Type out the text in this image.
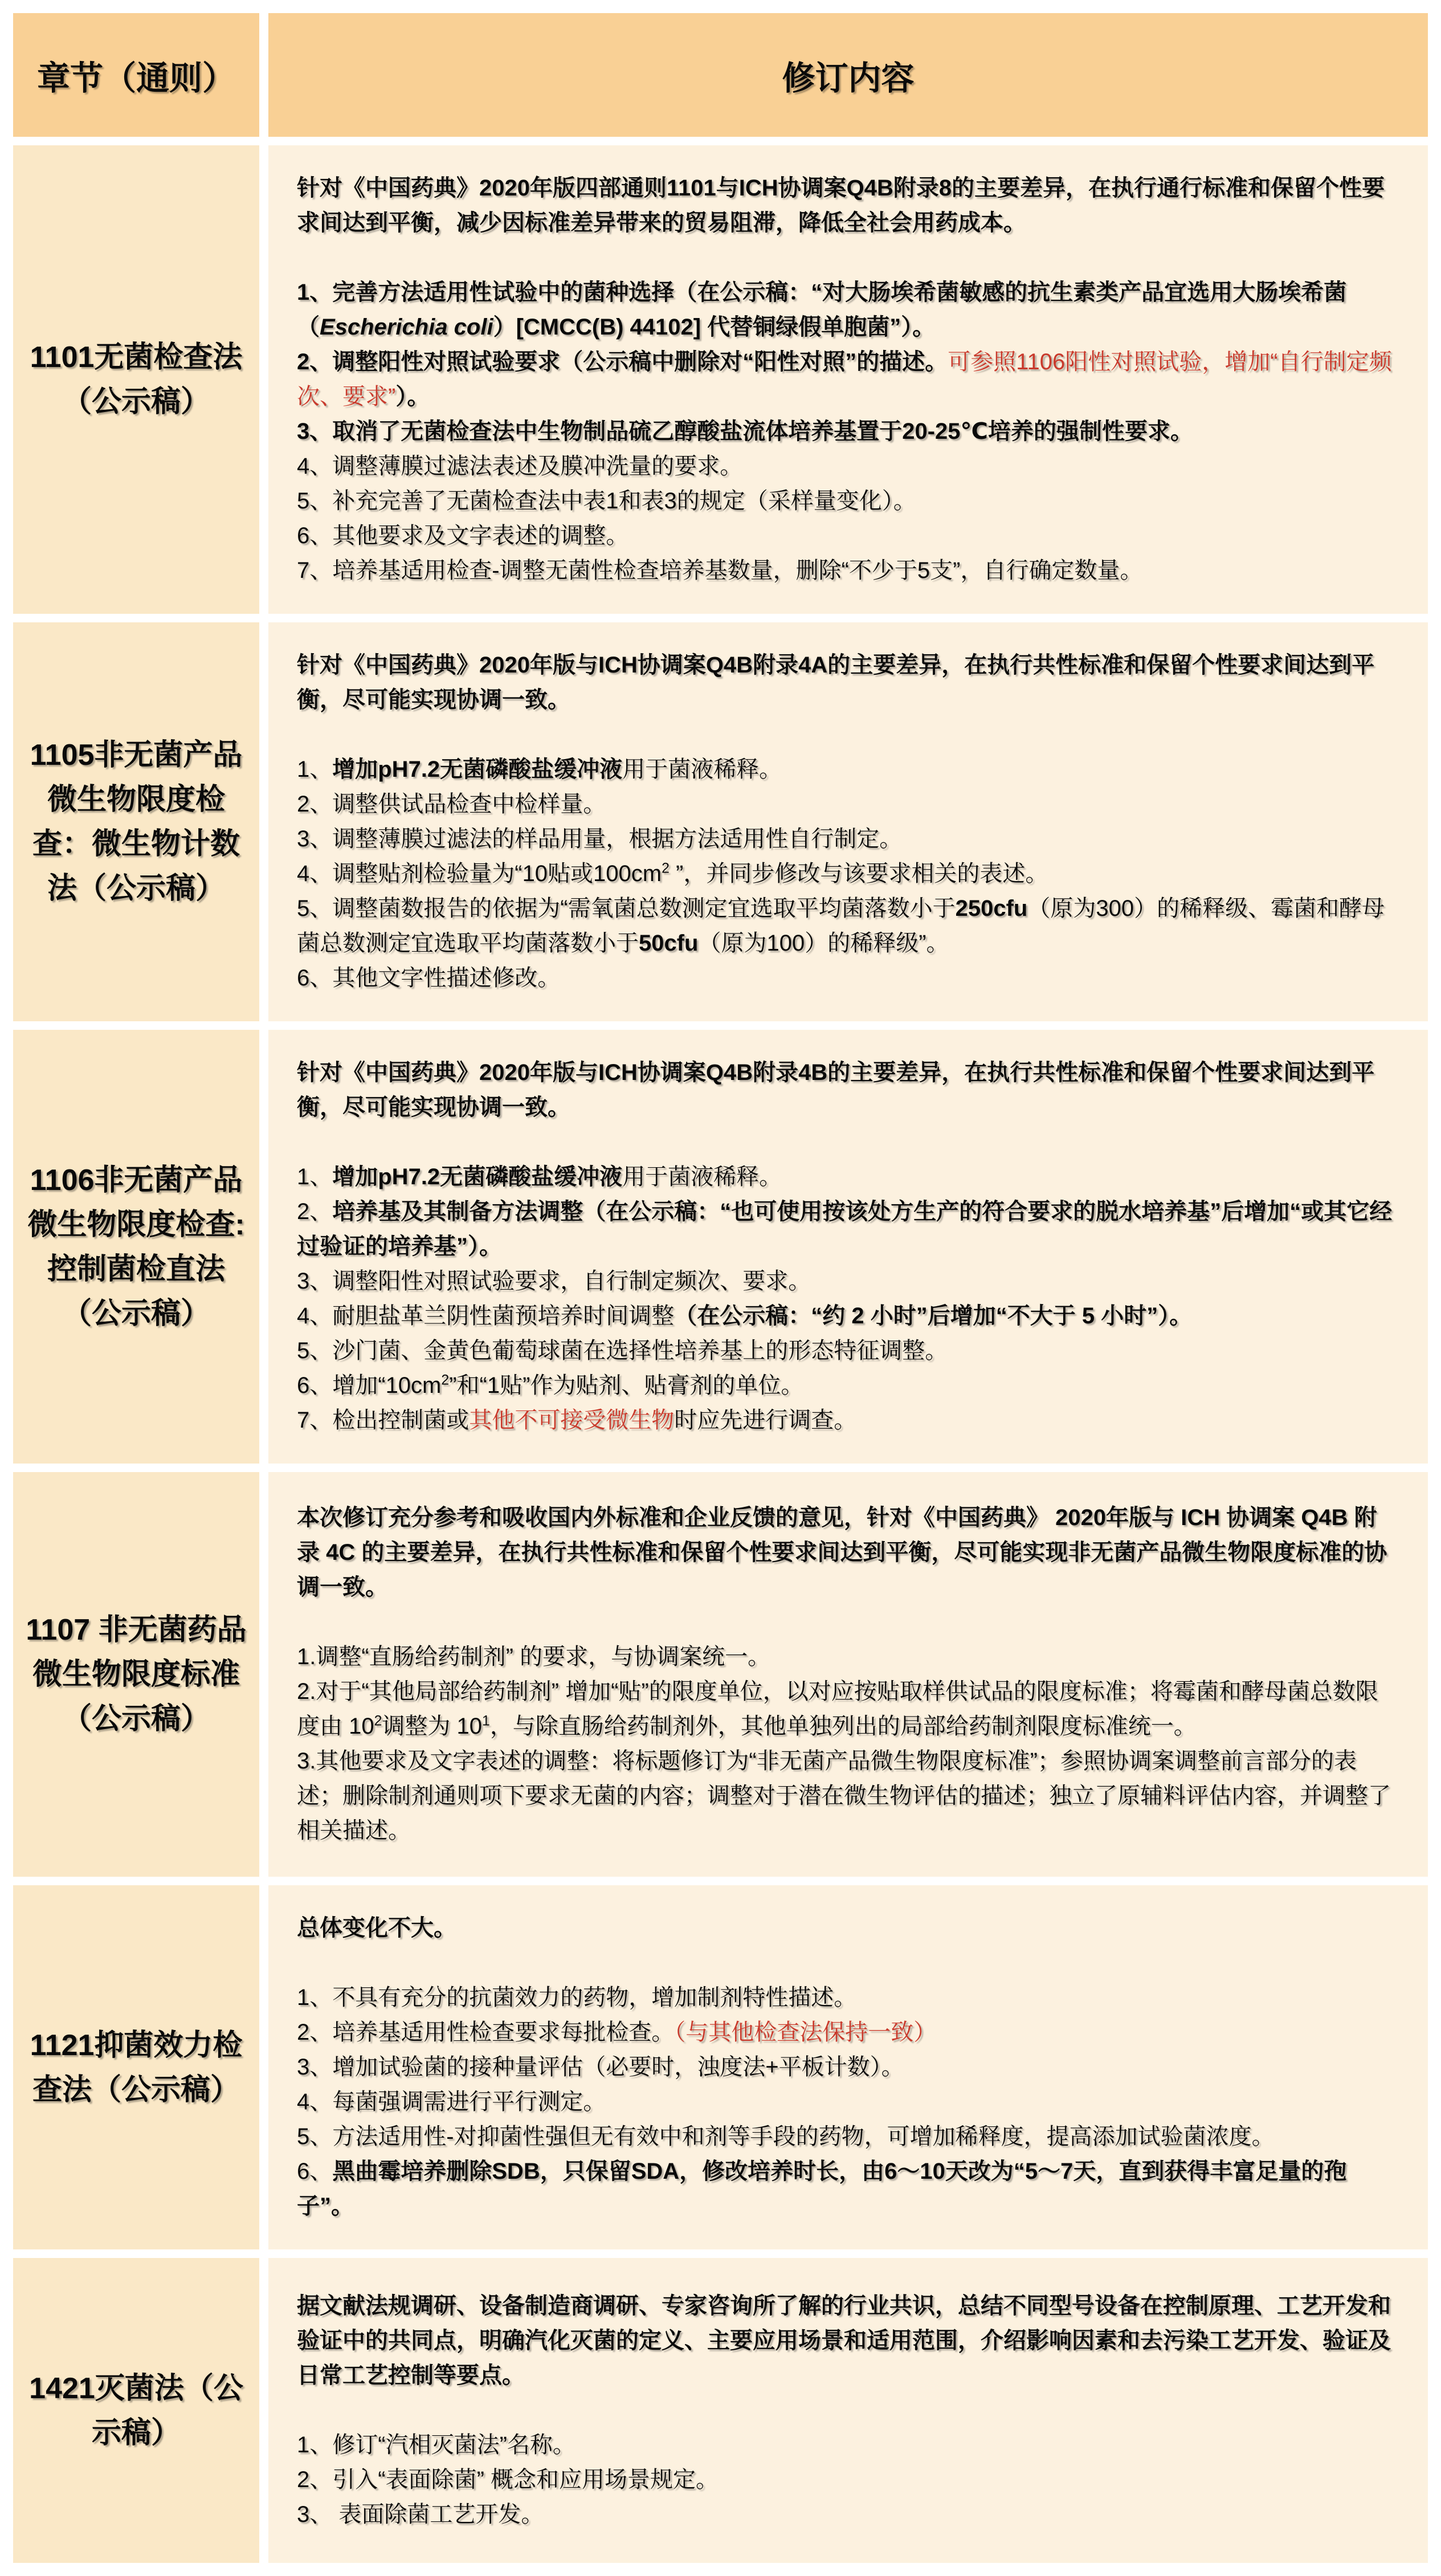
章节（通则）	修订内容
1101无菌检查法（公示稿）
针对《中国药典》2020年版四部通则1101与ICH协调案Q4B附录8的主要差异，在执行通行标准和保留个性要求间达到平衡，减少因标准差异带来的贸易阻滞，降低全社会用药成本。
1、完善方法适用性试验中的菌种选择（在公示稿：“对大肠埃希菌敏感的抗生素类产品宜选用大肠埃希菌（Escherichia coli）[CMCC(B) 44102] 代替铜绿假单胞菌”）。
2、调整阳性对照试验要求（公示稿中删除对“阳性对照”的描述。可参照1106阳性对照试验，增加“自行制定频次、要求”）。
3、取消了无菌检查法中生物制品硫乙醇酸盐流体培养基置于20-25℃培养的强制性要求。
4、调整薄膜过滤法表述及膜冲洗量的要求。
5、补充完善了无菌检查法中表1和表3的规定（采样量变化）。
6、其他要求及文字表述的调整。
7、培养基适用检查-调整无菌性检查培养基数量，删除“不少于5支”，自行确定数量。
1105非无菌产品微生物限度检查：微生物计数法（公示稿）
针对《中国药典》2020年版与ICH协调案Q4B附录4A的主要差异，在执行共性标准和保留个性要求间达到平衡，尽可能实现协调一致。
1、增加pH7.2无菌磷酸盐缓冲液用于菌液稀释。
2、调整供试品检查中检样量。
3、调整薄膜过滤法的样品用量，根据方法适用性自行制定。
4、调整贴剂检验量为“10贴或$100cm^2$ ”，并同步修改与该要求相关的表述。
5、调整菌数报告的依据为“需氧菌总数测定宜选取平均菌落数小于250cfu（原为300）的稀释级、霉菌和酵母菌总数测定宜选取平均菌落数小于50cfu（原为100）的稀释级”。
6、其他文字性描述修改。
1106非无菌产品微生物限度检查:控制菌检直法（公示稿）
针对《中国药典》2020年版与ICH协调案Q4B附录4B的主要差异，在执行共性标准和保留个性要求间达到平衡，尽可能实现协调一致。
1、增加pH7.2无菌磷酸盐缓冲液用于菌液稀释。
2、培养基及其制备方法调整（在公示稿：“也可使用按该处方生产的符合要求的脱水培养基”后增加“或其它经过验证的培养基”）。
3、调整阳性对照试验要求，自行制定频次、要求。
4、耐胆盐革兰阴性菌预培养时间调整（在公示稿：“约 2 小时”后增加“不大于 5 小时”）。
5、沙门菌、金黄色葡萄球菌在选择性培养基上的形态特征调整。
6、增加“$10cm^2$”和“1贴”作为贴剂、贴膏剂的单位。
7、检出控制菌或其他不可接受微生物时应先进行调查。
1107 非无菌药品微生物限度标准（公示稿）
本次修订充分参考和吸收国内外标准和企业反馈的意见，针对《中国药典》 2020年版与 ICH 协调案 Q4B 附录 4C 的主要差异，在执行共性标准和保留个性要求间达到平衡，尽可能实现非无菌产品微生物限度标准的协调一致。
1.调整“直肠给药制剂” 的要求，与协调案统一。
2.对于“其他局部给药制剂” 增加“贴”的限度单位，以对应按贴取样供试品的限度标准；将霉菌和酵母菌总数限度由 $10^2$调整为 $10^1$，与除直肠给药制剂外，其他单独列出的局部给药制剂限度标准统一。
3.其他要求及文字表述的调整：将标题修订为“非无菌产品微生物限度标准”；参照协调案调整前言部分的表述；删除制剂通则项下要求无菌的内容；调整对于潜在微生物评估的描述；独立了原辅料评估内容，并调整了相关描述。
1121抑菌效力检查法（公示稿）
总体变化不大。
1、不具有充分的抗菌效力的药物，增加制剂特性描述。
2、培养基适用性检查要求每批检查。（与其他检查法保持一致）
3、增加试验菌的接种量评估（必要时，浊度法+平板计数）。
4、每菌强调需进行平行测定。
5、方法适用性-对抑菌性强但无有效中和剂等手段的药物，可增加稀释度，提高添加试验菌浓度。
6、黑曲霉培养删除SDB，只保留SDA，修改培养时长，由6～10天改为“5～7天，直到获得丰富足量的孢子”。
1421灭菌法（公示稿）
据文献法规调研、设备制造商调研、专家咨询所了解的行业共识，总结不同型号设备在控制原理、工艺开发和验证中的共同点，明确汽化灭菌的定义、主要应用场景和适用范围，介绍影响因素和去污染工艺开发、验证及日常工艺控制等要点。
1、修订“汽相灭菌法”名称。
2、引入“表面除菌” 概念和应用场景规定。
3、 表面除菌工艺开发。
